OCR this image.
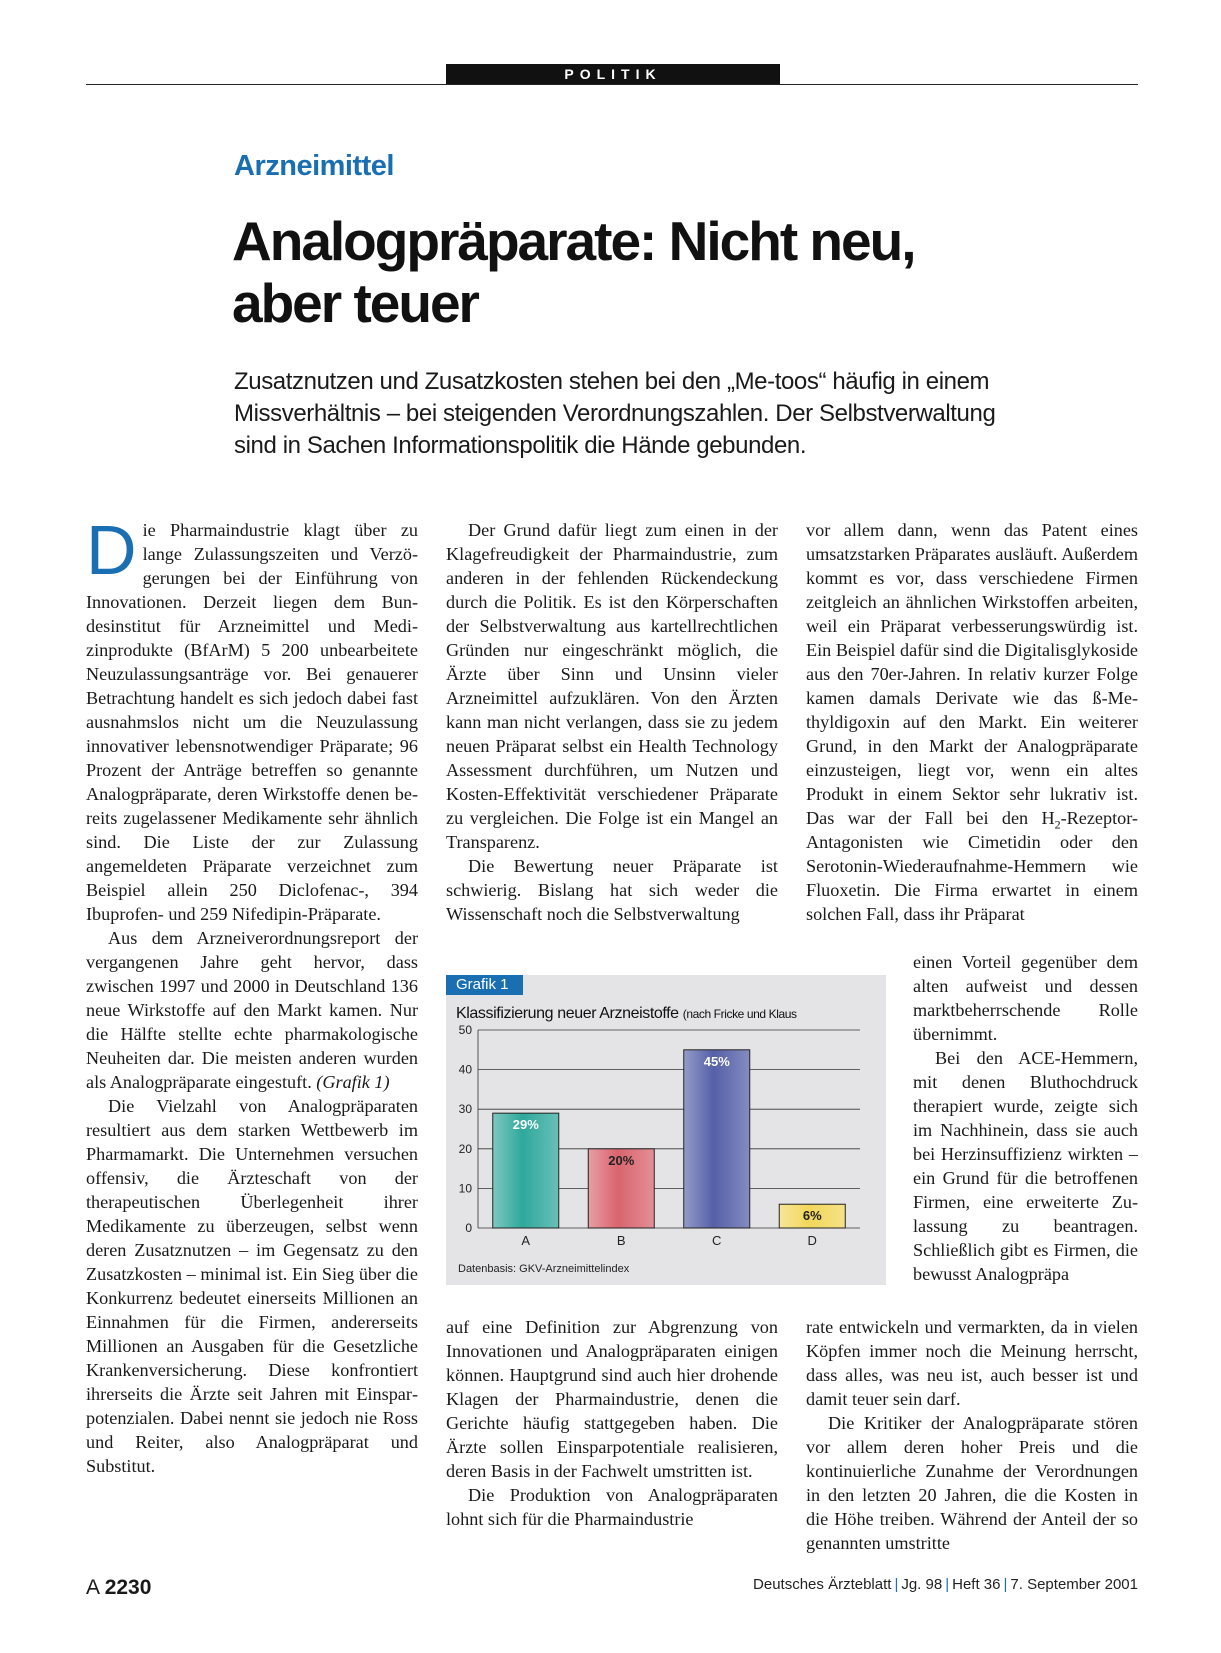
POLITIK
Arzneimittel
Analogpräparate: Nicht neu,
aber teuer

Zusatznutzen und Zusatzkosten stehen bei den „Me-toos“ häufig in einem Missverhältnis – bei steigenden Verordnungszahlen. Der Selbstverwaltung sind in Sachen Informationspolitik die Hände gebunden.

Die Pharmaindustrie klagt über zu lange Zulassungszeiten und Verzögerungen bei der Einführung von Innovationen. Derzeit liegen dem Bundesinstitut für Arzneimittel und Medizinprodukte (BfArM) 5 200 unbearbeitete Neuzulassungsanträge vor. Bei genauerer Betrachtung handelt es sich jedoch dabei fast ausnahmslos nicht um die Neuzulassung innovativer lebensnotwendiger Präparate; 96 Prozent der Anträge betreffen so genannte Analogpräparate, deren Wirkstoffe denen bereits zugelassener Medikamente sehr ähnlich sind. Die Liste der zur Zulassung angemeldeten Präparate verzeichnet zum Beispiel allein 250 Diclofenac-, 394 Ibuprofen- und 259 Nifedipin-Präparate.

Aus dem Arzneiverordnungsreport der vergangenen Jahre geht hervor, dass zwischen 1997 und 2000 in Deutschland 136 neue Wirkstoffe auf den Markt kamen. Nur die Hälfte stellte echte pharmakologische Neuheiten dar. Die meisten anderen wurden als Analogpräparate eingestuft. (Grafik 1)

Die Vielzahl von Analogpräparaten resultiert aus dem starken Wettbewerb im Pharmamarkt. Die Unternehmen versuchen offensiv, die Ärzteschaft von der therapeutischen Überlegenheit ihrer Medikamente zu überzeugen, selbst wenn deren Zusatznutzen – im Gegensatz zu den Zusatzkosten – minimal ist. Ein Sieg über die Konkurrenz bedeutet einerseits Millionen an Einnahmen für die Firmen, andererseits Millionen an Ausgaben für die Gesetzliche Krankenversicherung. Diese konfrontiert ihrerseits die Ärzte seit Jahren mit Einsparpotenzialen. Dabei nennt sie jedoch nie Ross und Reiter, also Analogpräparat und Substitut.

Der Grund dafür liegt zum einen in der Klagefreudigkeit der Pharmaindustrie, zum anderen in der fehlenden Rückendeckung durch die Politik. Es ist den Körperschaften der Selbstverwaltung aus kartellrechtlichen Gründen nur eingeschränkt möglich, die Ärzte über Sinn und Unsinn vieler Arzneimittel aufzuklären. Von den Ärzten kann man nicht verlangen, dass sie zu jedem neuen Präparat selbst ein Health Technology Assessment durchführen, um Nutzen und Kosten-Effektivität verschiedener Präparate zu vergleichen. Die Folge ist ein Mangel an Transparenz.

Die Bewertung neuer Präparate ist schwierig. Bislang hat sich weder die Wissenschaft noch die Selbstverwaltung

Grafik 1
Klassifizierung neuer Arzneistoffe (nach Fricke und Klaus
0
10
20
30
40
50
29%
A
20%
B
45%
C
6%
D
Datenbasis: GKV-Arzneimittelindex

auf eine Definition zur Abgrenzung von Innovationen und Analogpräparaten einigen können. Hauptgrund sind auch hier drohende Klagen der Pharmaindustrie, denen die Gerichte häufig stattgegeben haben. Die Ärzte sollen Einsparpotentiale realisieren, deren Basis in der Fachwelt umstritten ist.

Die Produktion von Analogpräparaten lohnt sich für die Pharmaindustrie

vor allem dann, wenn das Patent eines umsatzstarken Präparates ausläuft. Außerdem kommt es vor, dass verschiedene Firmen zeitgleich an ähnlichen Wirkstoffen arbeiten, weil ein Präparat verbesserungswürdig ist. Ein Beispiel dafür sind die Digitalisglykoside aus den 70er-Jahren. In relativ kurzer Folge kamen damals Derivate wie das ß-Methyldigoxin auf den Markt. Ein weiterer Grund, in den Markt der Analogpräparate einzusteigen, liegt vor, wenn ein altes Produkt in einem Sektor sehr lukrativ ist. Das war der Fall bei den $H_2-Rezeptor$-Antagonisten wie Cimetidin oder den Serotonin-Wiederaufnahme-Hemmern wie Fluoxetin. Die Firma erwartet in einem solchen Fall, dass ihr Präparat

einen Vorteil gegenüber dem alten aufweist und dessen marktbeherrschende Rolle übernimmt.

Bei den ACE-Hemmern, mit denen Bluthochdruck therapiert wurde, zeigte sich im Nachhinein, dass sie auch bei Herzinsuffizienz wirkten – ein Grund für die betroffenen Firmen, eine erweiterte Zulassung zu beantragen. Schließlich gibt es Firmen, die bewusst Analogpräpa

rate entwickeln und vermarkten, da in vielen Köpfen immer noch die Meinung herrscht, dass alles, was neu ist, auch besser ist und damit teuer sein darf.

Die Kritiker der Analogpräparate stören vor allem deren hoher Preis und die kontinuierliche Zunahme der Verordnungen in den letzten 20 Jahren, die die Kosten in die Höhe treiben. Während der Anteil der so genannten umstritte

A 2230	Deutsches Ärzteblatt | Jg. 98 | Heft 36 | 7. September 2001
